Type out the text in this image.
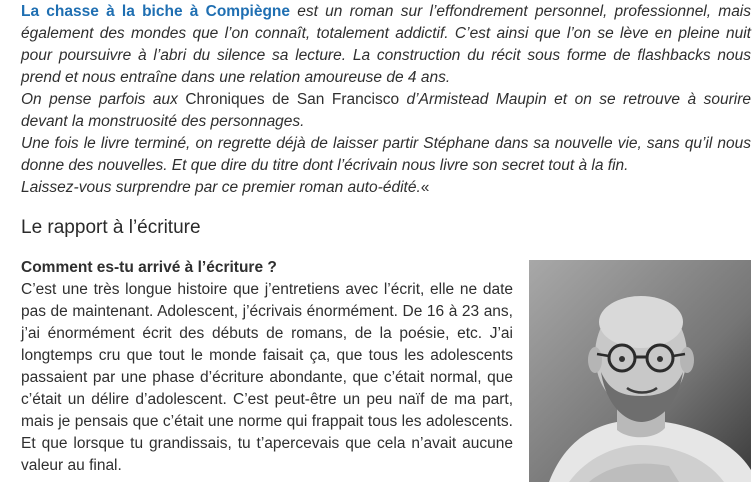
La chasse à la biche à Compiègne est un roman sur l’effondrement personnel, professionnel, mais également des mondes que l’on connaît, totalement addictif. C’est ainsi que l’on se lève en pleine nuit pour poursuivre à l’abri du silence sa lecture. La construction du récit sous forme de flashbacks nous prend et nous entraîne dans une relation amoureuse de 4 ans.

On pense parfois aux Chroniques de San Francisco d’Armistead Maupin et on se retrouve à sourire devant la monstruosité des personnages.

Une fois le livre terminé, on regrette déjà de laisser partir Stéphane dans sa nouvelle vie, sans qu’il nous donne des nouvelles. Et que dire du titre dont l’écrivain nous livre son secret tout à la fin.

Laissez-vous surprendre par ce premier roman auto-édité.«

Le rapport à l’écriture

Comment es-tu arrivé à l’écriture ?

C’est une très longue histoire que j’entretiens avec l’écrit, elle ne date pas de maintenant. Adolescent, j’écrivais énormément. De 16 à 23 ans, j’ai énormément écrit des débuts de romans, de la poésie, etc. J’ai longtemps cru que tout le monde faisait ça, que tous les adolescents passaient par une phase d’écriture abondante, que c’était normal, que c’était un délire d’adolescent. C’est peut-être un peu naïf de ma part, mais je pensais que c’était une norme qui frappait tous les adolescents. Et que lorsque tu grandissais, tu t’apercevais que cela n’avait aucune valeur au final.
